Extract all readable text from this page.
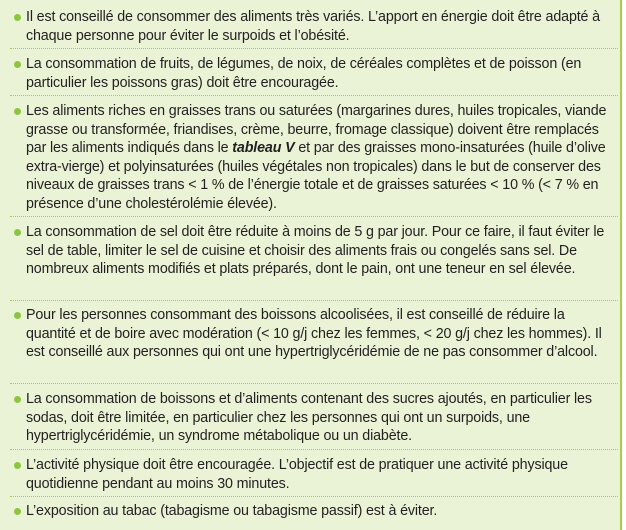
Il est conseillé de consommer des aliments très variés. L’apport en énergie doit être adapté à chaque personne pour éviter le surpoids et l’obésité.
La consommation de fruits, de légumes, de noix, de céréales complètes et de poisson (en particulier les poissons gras) doit être encouragée.
Les aliments riches en graisses trans ou saturées (margarines dures, huiles tropicales, viande grasse ou transformée, friandises, crème, beurre, fromage classique) doivent être remplacés par les aliments indiqués dans le tableau V et par des graisses mono-insaturées (huile d’olive extra-vierge) et polyinsaturées (huiles végétales non tropicales) dans le but de conserver des niveaux de graisses trans < 1 % de l’énergie totale et de graisses saturées < 10 % (< 7 % en présence d’une cholestérolémie élevée).
La consommation de sel doit être réduite à moins de 5 g par jour. Pour ce faire, il faut éviter le sel de table, limiter le sel de cuisine et choisir des aliments frais ou congelés sans sel. De nombreux aliments modifiés et plats préparés, dont le pain, ont une teneur en sel élevée.
Pour les personnes consommant des boissons alcoolisées, il est conseillé de réduire la quantité et de boire avec modération (< 10 g/j chez les femmes, < 20 g/j chez les hommes). Il est conseillé aux personnes qui ont une hypertriglycéridémie de ne pas consommer d’alcool.
La consommation de boissons et d’aliments contenant des sucres ajoutés, en particulier les sodas, doit être limitée, en particulier chez les personnes qui ont un surpoids, une hypertriglycéridémie, un syndrome métabolique ou un diabète.
L’activité physique doit être encouragée. L’objectif est de pratiquer une activité physique quotidienne pendant au moins 30 minutes.
L’exposition au tabac (tabagisme ou tabagisme passif) est à éviter.
